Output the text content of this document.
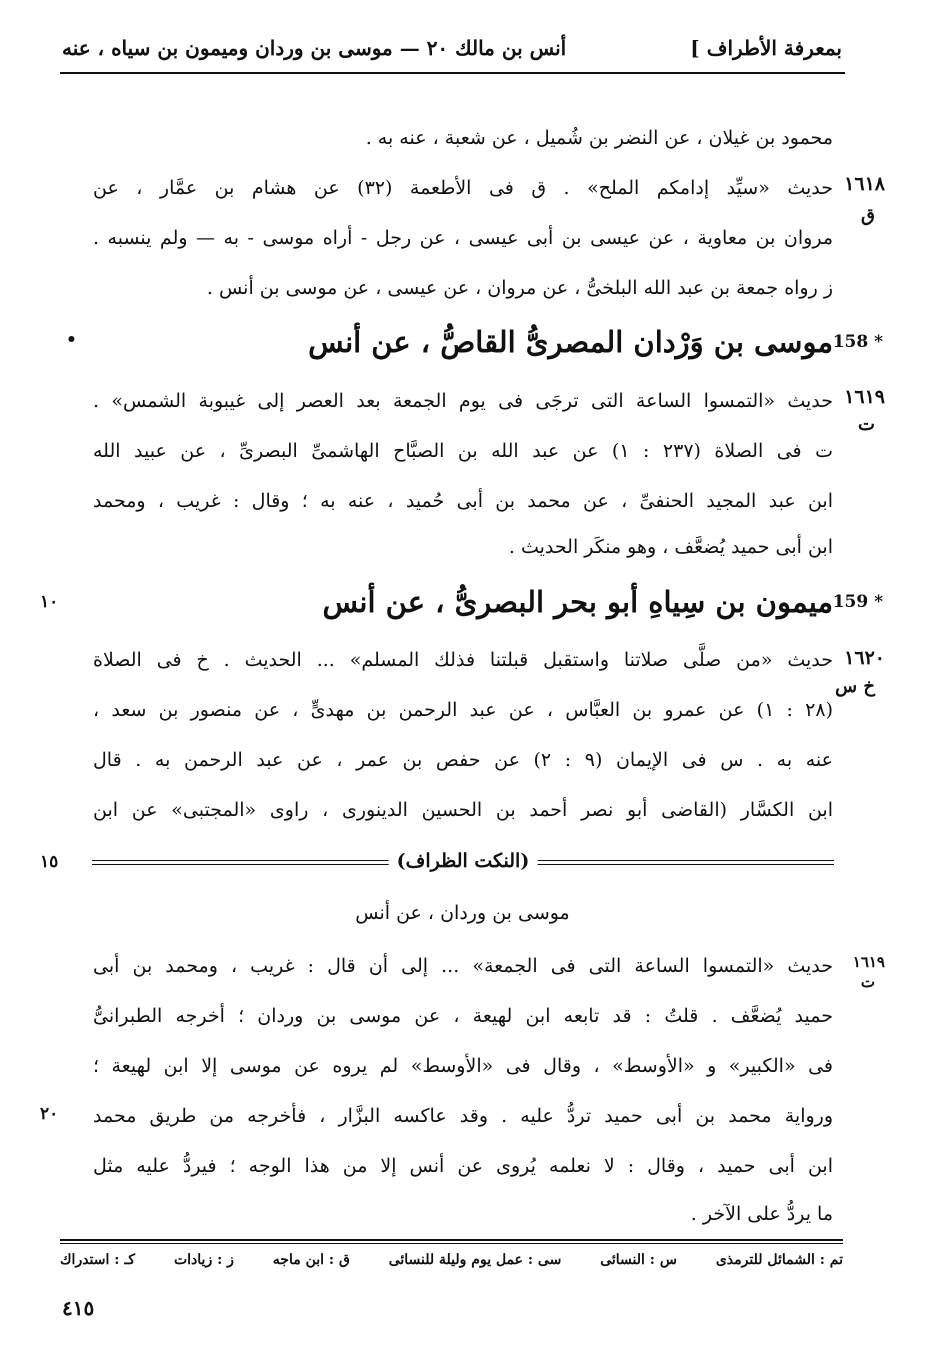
بمعرفة الأطراف ]
أنس بن مالك ٢٠ — موسى بن وردان وميمون بن سياه ، عنه
محمود بن غيلان ، عن النضر بن شُميل ، عن شعبة ، عنه به .
١٦١٨
ق
حديث «سيِّد إدامكم الملح» . ق فى الأطعمة (٣٢) عن هشام بن عمَّار ، عن
مروان بن معاوية ، عن عيسى بن أبى عيسى ، عن رجل - أراه موسى - به — ولم ينسبه .
ز رواه جمعة بن عبد الله البلخىُّ ، عن مروان ، عن عيسى ، عن موسى بن أنس .
158 *
موسى بن وَرْدان المصرىُّ القاصُّ ، عن أنس
•
١٦١٩
ت
حديث «التمسوا الساعة التى ترجَى فى يوم الجمعة بعد العصر إلى غيبوبة الشمس» .
ت فى الصلاة (٢٣٧ : ١) عن عبد الله بن الصبَّاح الهاشمىِّ البصرىِّ ، عن عبيد الله
ابن عبد المجيد الحنفىِّ ، عن محمد بن أبى حُميد ، عنه به ؛ وقال : غريب ، ومحمد
ابن أبى حميد يُضعَّف ، وهو منكَر الحديث .
159 *
ميمون بن سِياهِ أبو بحر البصرىُّ ، عن أنس
١٠
١٦٢٠
خ س
حديث «من صلَّى صلاتنا واستقبل قبلتنا فذلك المسلم» ... الحديث . خ فى الصلاة
(٢٨ : ١) عن عمرو بن العبَّاس ، عن عبد الرحمن بن مهدىٍّ ، عن منصور بن سعد ،
عنه به . س فى الإيمان (٩ : ٢) عن حفص بن عمر ، عن عبد الرحمن به . قال
ابن الكسَّار (القاضى أبو نصر أحمد بن الحسين الدينورى ، راوى «المجتبى» عن ابن
(النكت الظراف)
١٥
موسى بن وردان ، عن أنس
١٦١٩
ت
حديث «التمسوا الساعة التى فى الجمعة» ... إلى أن قال : غريب ، ومحمد بن أبى
حميد يُضعَّف . قلتُ : قد تابعه ابن لهيعة ، عن موسى بن وردان ؛ أخرجه الطبرانىُّ
فى «الكبير» و «الأوسط» ، وقال فى «الأوسط» لم يروه عن موسى إلا ابن لهيعة ؛
ورواية محمد بن أبى حميد تردُّ عليه . وقد عاكسه البزَّار ، فأخرجه من طريق محمد
ابن أبى حميد ، وقال : لا نعلمه يُروى عن أنس إلا من هذا الوجه ؛ فيردُّ عليه مثل
ما يردُّ على الآخر .
٢٠
تم : الشمائل للترمذى
س : النسائى
سى : عمل يوم وليلة للنسائى
ق : ابن ماجه
ز : زيادات
كـ : استدراك
٤١٥
